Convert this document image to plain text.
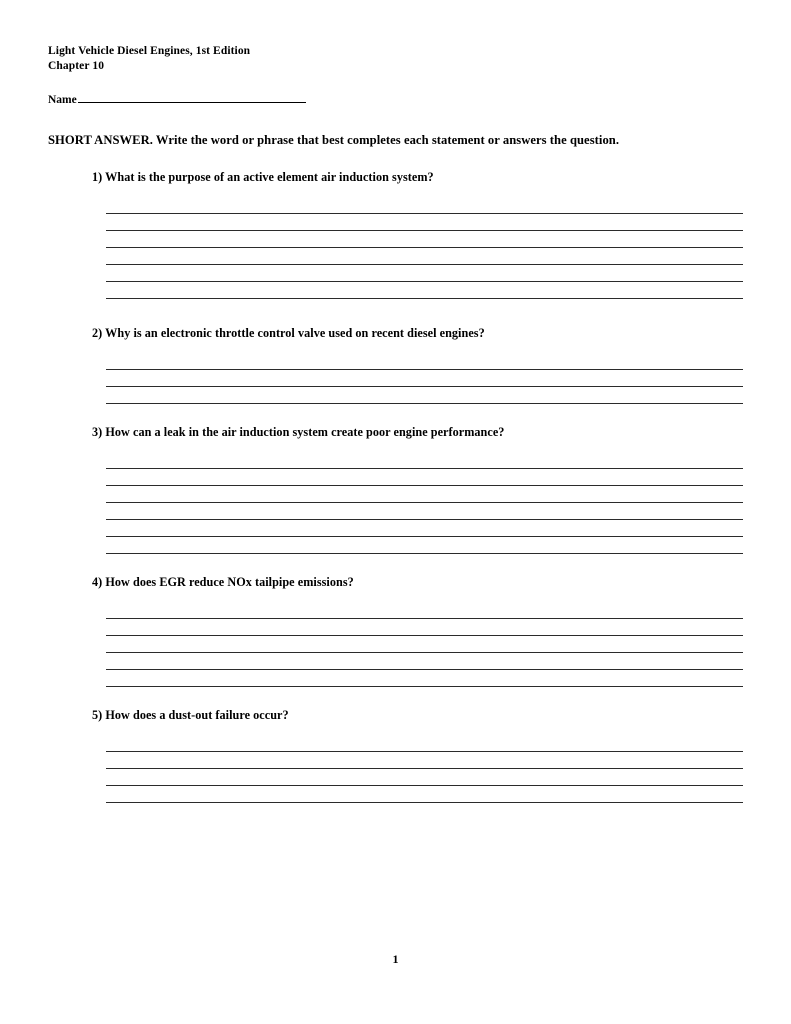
Light Vehicle Diesel Engines, 1st Edition
Chapter 10
Name
SHORT ANSWER. Write the word or phrase that best completes each statement or answers the question.
1) What is the purpose of an active element air induction system?
2) Why is an electronic throttle control valve used on recent diesel engines?
3) How can a leak in the air induction system create poor engine performance?
4) How does EGR reduce NOx tailpipe emissions?
5) How does a dust-out failure occur?
1
